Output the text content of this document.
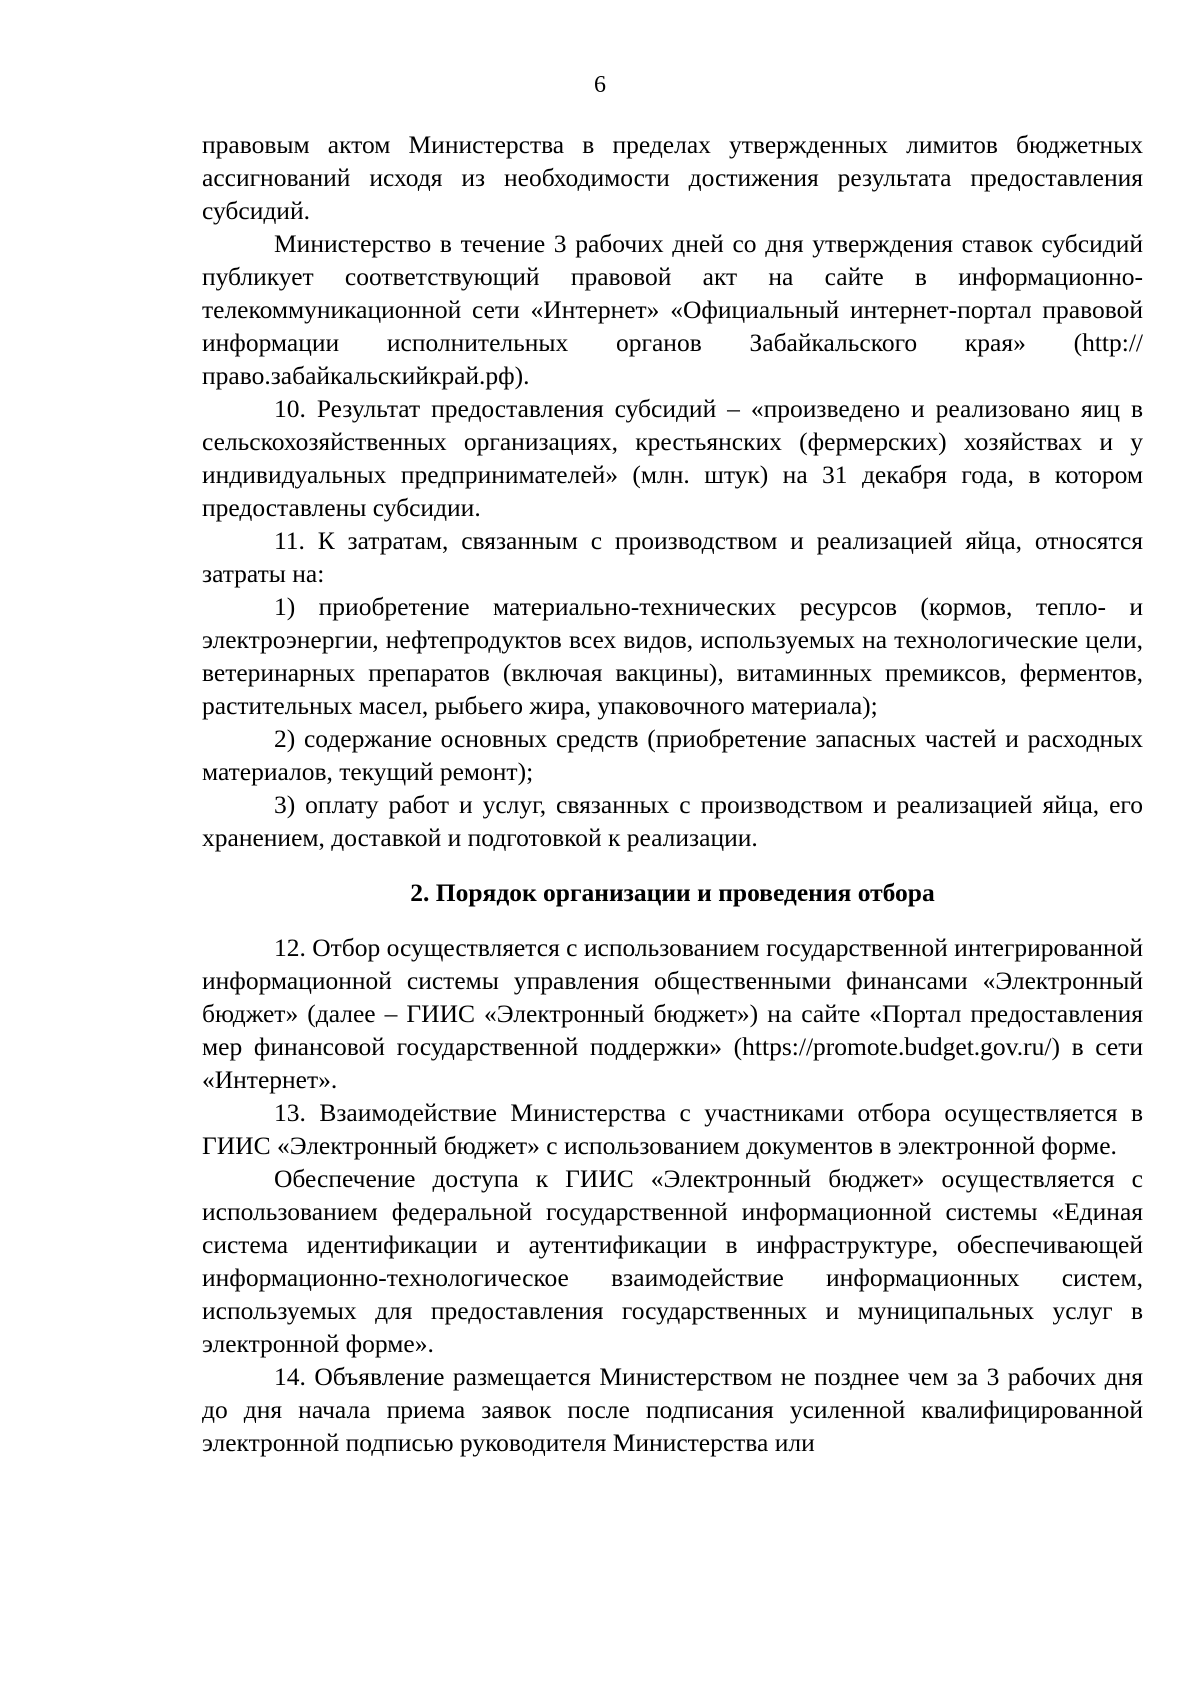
6

правовым актом Министерства в пределах утвержденных лимитов бюджетных ассигнований исходя из необходимости достижения результата предоставления субсидий.

Министерство в течение 3 рабочих дней со дня утверждения ставок субсидий публикует соответствующий правовой акт на сайте в информационно-телекоммуникационной сети «Интернет» «Официальный интернет-портал правовой информации исполнительных органов Забайкальского края» (http://право.забайкальскийкрай.рф).

10. Результат предоставления субсидий – «произведено и реализовано яиц в сельскохозяйственных организациях, крестьянских (фермерских) хозяйствах и у индивидуальных предпринимателей» (млн. штук) на 31 декабря года, в котором предоставлены субсидии.

11. К затратам, связанным с производством и реализацией яйца, относятся затраты на:

1) приобретение материально-технических ресурсов (кормов, тепло- и электроэнергии, нефтепродуктов всех видов, используемых на технологические цели, ветеринарных препаратов (включая вакцины), витаминных премиксов, ферментов, растительных масел, рыбьего жира, упаковочного материала);

2) содержание основных средств (приобретение запасных частей и расходных материалов, текущий ремонт);

3) оплату работ и услуг, связанных с производством и реализацией яйца, его хранением, доставкой и подготовкой к реализации.

2. Порядок организации и проведения отбора

12. Отбор осуществляется с использованием государственной интегрированной информационной системы управления общественными финансами «Электронный бюджет» (далее – ГИИС «Электронный бюджет») на сайте «Портал предоставления мер финансовой государственной поддержки» (https://promote.budget.gov.ru/) в сети «Интернет».

13. Взаимодействие Министерства с участниками отбора осуществляется в ГИИС «Электронный бюджет» с использованием документов в электронной форме.

Обеспечение доступа к ГИИС «Электронный бюджет» осуществляется с использованием федеральной государственной информационной системы «Единая система идентификации и аутентификации в инфраструктуре, обеспечивающей информационно-технологическое взаимодействие информационных систем, используемых для предоставления государственных и муниципальных услуг в электронной форме».

14. Объявление размещается Министерством не позднее чем за 3 рабочих дня до дня начала приема заявок после подписания усиленной квалифицированной электронной подписью руководителя Министерства или
